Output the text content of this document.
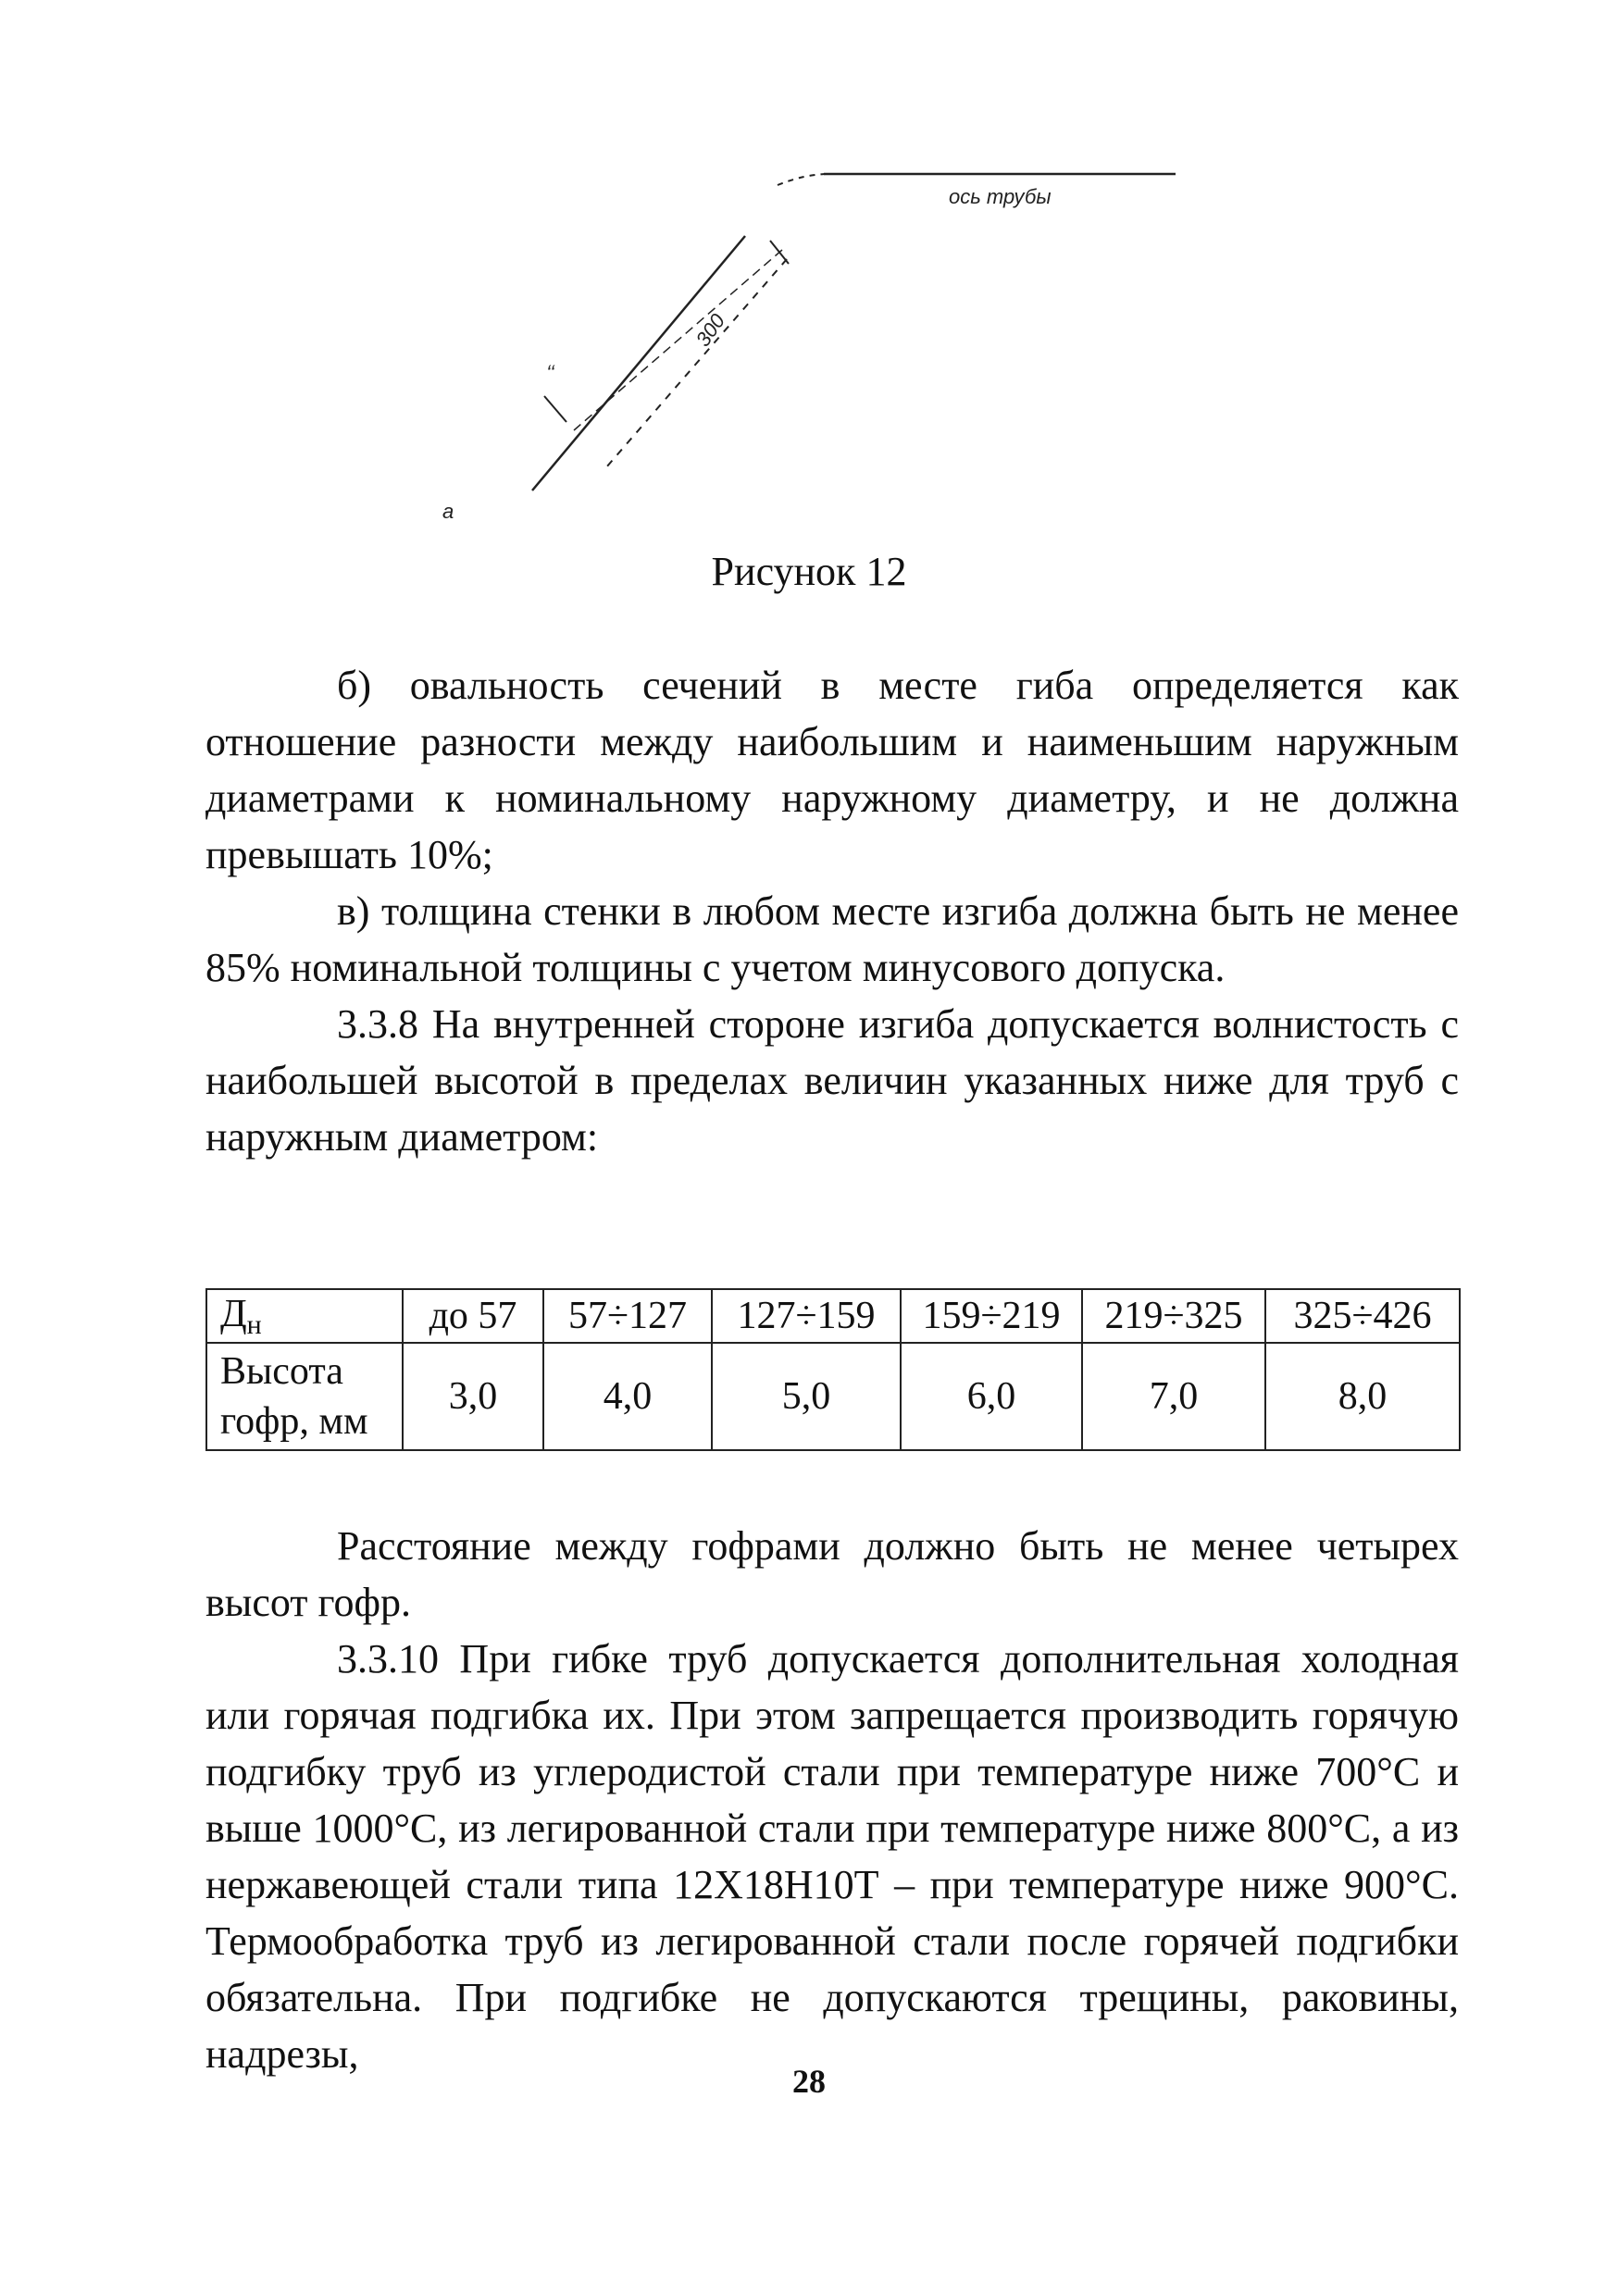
‘‘
300
ось трубы
а
Рисунок 12

б) овальность сечений в месте гиба определяется как отношение разности между наибольшим и наименьшим наружным диаметрами к номинальному наружному диаметру, и не должна превышать 10%;

в) толщина стенки в любом месте изгиба должна быть не менее 85% номинальной толщины с учетом минусового допуска.

3.3.8 На внутренней стороне изгиба допускается волнистость с наибольшей высотой в пределах величин указанных ниже для труб с наружным диаметром:

$Д_н$	до 57	57÷127	127÷159	159÷219	219÷325	325÷426
Высота
гофр, мм	3,0	4,0	5,0	6,0	7,0	8,0

Расстояние между гофрами должно быть не менее четырех высот гофр.

3.3.10 При гибке труб допускается дополнительная холодная или горячая подгибка их. При этом запрещается производить горячую подгибку труб из углеродистой стали при температуре ниже 700°С и выше 1000°С, из легированной стали при температуре ниже 800°С, а из нержавеющей стали типа 12Х18Н10Т – при температуре ниже 900°С. Термообработка труб из легированной стали после горячей подгибки обязательна. При подгибке не допускаются трещины, раковины, надрезы,

28
